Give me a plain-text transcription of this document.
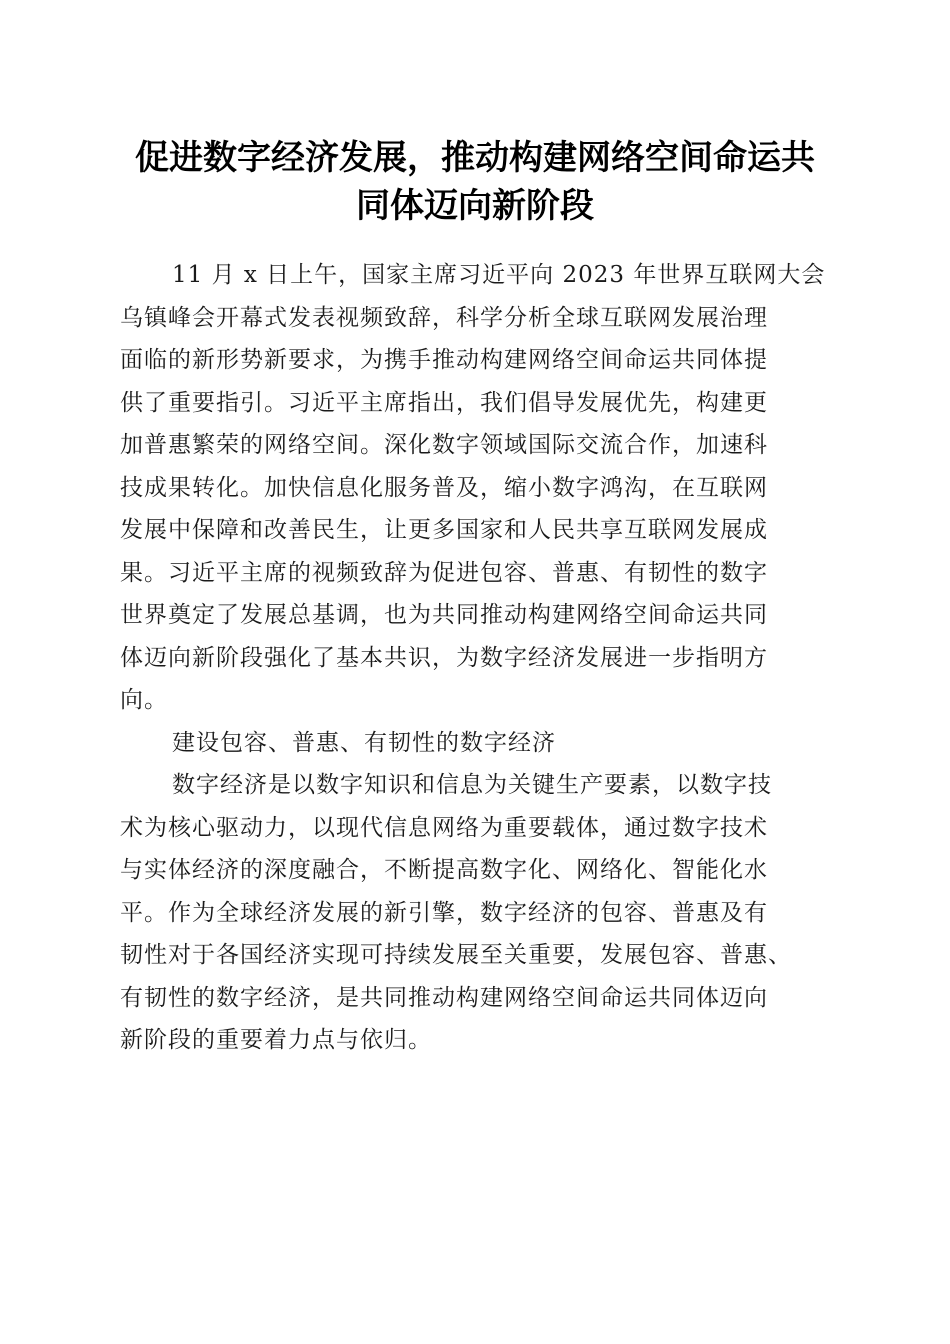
促进数字经济发展，推动构建网络空间命运共
同体迈向新阶段

11 月 x 日上午，国家主席习近平向 2023 年世界互联网大会
乌镇峰会开幕式发表视频致辞，科学分析全球互联网发展治理
面临的新形势新要求，为携手推动构建网络空间命运共同体提
供了重要指引。习近平主席指出，我们倡导发展优先，构建更
加普惠繁荣的网络空间。深化数字领域国际交流合作，加速科
技成果转化。加快信息化服务普及，缩小数字鸿沟，在互联网
发展中保障和改善民生，让更多国家和人民共享互联网发展成
果。习近平主席的视频致辞为促进包容、普惠、有韧性的数字
世界奠定了发展总基调，也为共同推动构建网络空间命运共同
体迈向新阶段强化了基本共识，为数字经济发展进一步指明方
向。

建设包容、普惠、有韧性的数字经济

数字经济是以数字知识和信息为关键生产要素，以数字技
术为核心驱动力，以现代信息网络为重要载体，通过数字技术
与实体经济的深度融合，不断提高数字化、网络化、智能化水
平。作为全球经济发展的新引擎，数字经济的包容、普惠及有
韧性对于各国经济实现可持续发展至关重要，发展包容、普惠、
有韧性的数字经济，是共同推动构建网络空间命运共同体迈向
新阶段的重要着力点与依归。
